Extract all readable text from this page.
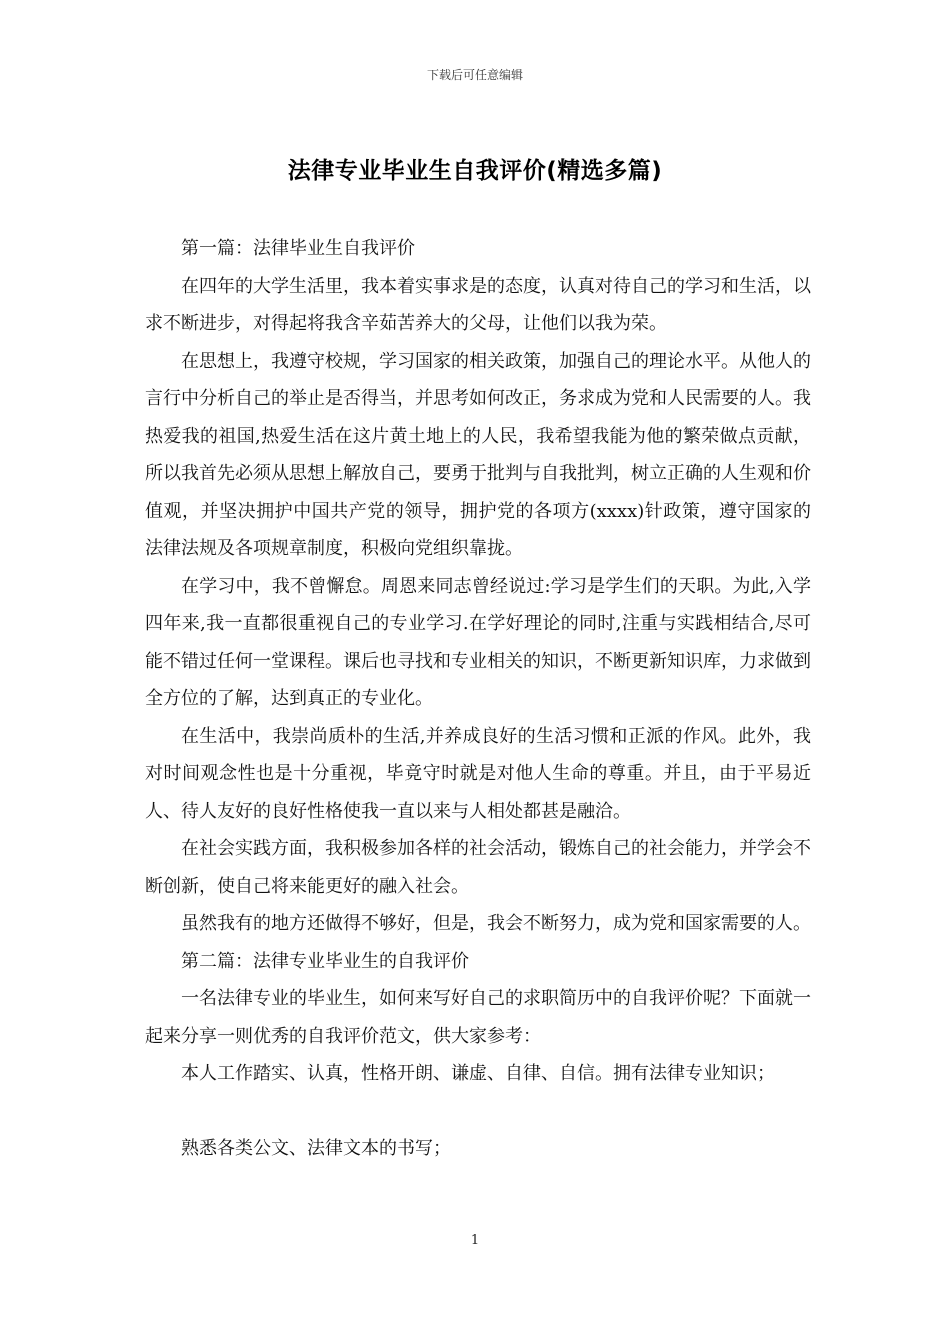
下载后可任意编辑
法律专业毕业生自我评价(精选多篇)

第一篇：法律毕业生自我评价

在四年的大学生活里，我本着实事求是的态度，认真对待自己的学习和生活，以求不断进步，对得起将我含辛茹苦养大的父母，让他们以我为荣。

在思想上，我遵守校规，学习国家的相关政策，加强自己的理论水平。从他人的言行中分析自己的举止是否得当，并思考如何改正，务求成为党和人民需要的人。我热爱我的祖国,热爱生活在这片黄土地上的人民，我希望我能为他的繁荣做点贡献，所以我首先必须从思想上解放自己，要勇于批判与自我批判，树立正确的人生观和价值观，并坚决拥护中国共产党的领导，拥护党的各项方(xxxx)针政策，遵守国家的法律法规及各项规章制度，积极向党组织靠拢。

在学习中，我不曾懈怠。周恩来同志曾经说过:学习是学生们的天职。为此,入学四年来,我一直都很重视自己的专业学习.在学好理论的同时,注重与实践相结合,尽可能不错过任何一堂课程。课后也寻找和专业相关的知识，不断更新知识库，力求做到全方位的了解，达到真正的专业化。

在生活中，我崇尚质朴的生活,并养成良好的生活习惯和正派的作风。此外，我对时间观念性也是十分重视，毕竟守时就是对他人生命的尊重。并且，由于平易近人、待人友好的良好性格使我一直以来与人相处都甚是融洽。

在社会实践方面，我积极参加各样的社会活动，锻炼自己的社会能力，并学会不断创新，使自己将来能更好的融入社会。

虽然我有的地方还做得不够好，但是，我会不断努力，成为党和国家需要的人。

第二篇：法律专业毕业生的自我评价

一名法律专业的毕业生，如何来写好自己的求职简历中的自我评价呢？下面就一起来分享一则优秀的自我评价范文，供大家参考：

本人工作踏实、认真，性格开朗、谦虚、自律、自信。拥有法律专业知识；

熟悉各类公文、法律文本的书写；

1
